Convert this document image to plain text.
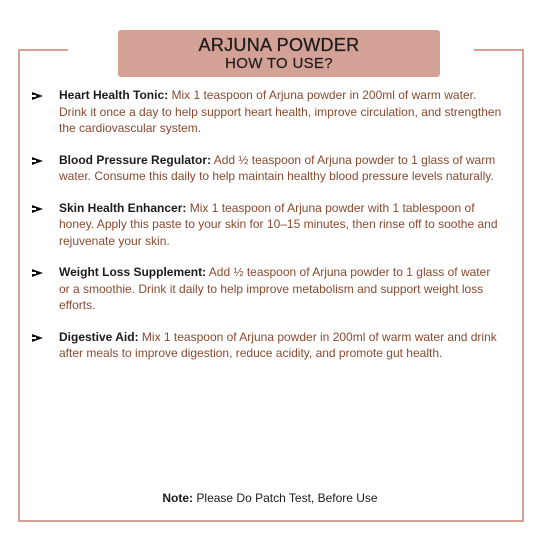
ARJUNA POWDER
HOW TO USE?
Heart Health Tonic: Mix 1 teaspoon of Arjuna powder in 200ml of warm water. Drink it once a day to help support heart health, improve circulation, and strengthen the cardiovascular system.
Blood Pressure Regulator: Add ½ teaspoon of Arjuna powder to 1 glass of warm water. Consume this daily to help maintain healthy blood pressure levels naturally.
Skin Health Enhancer: Mix 1 teaspoon of Arjuna powder with 1 tablespoon of honey. Apply this paste to your skin for 10–15 minutes, then rinse off to soothe and rejuvenate your skin.
Weight Loss Supplement: Add ½ teaspoon of Arjuna powder to 1 glass of water or a smoothie. Drink it daily to help improve metabolism and support weight loss efforts.
Digestive Aid: Mix 1 teaspoon of Arjuna powder in 200ml of warm water and drink after meals to improve digestion, reduce acidity, and promote gut health.
Note: Please Do Patch Test, Before Use
